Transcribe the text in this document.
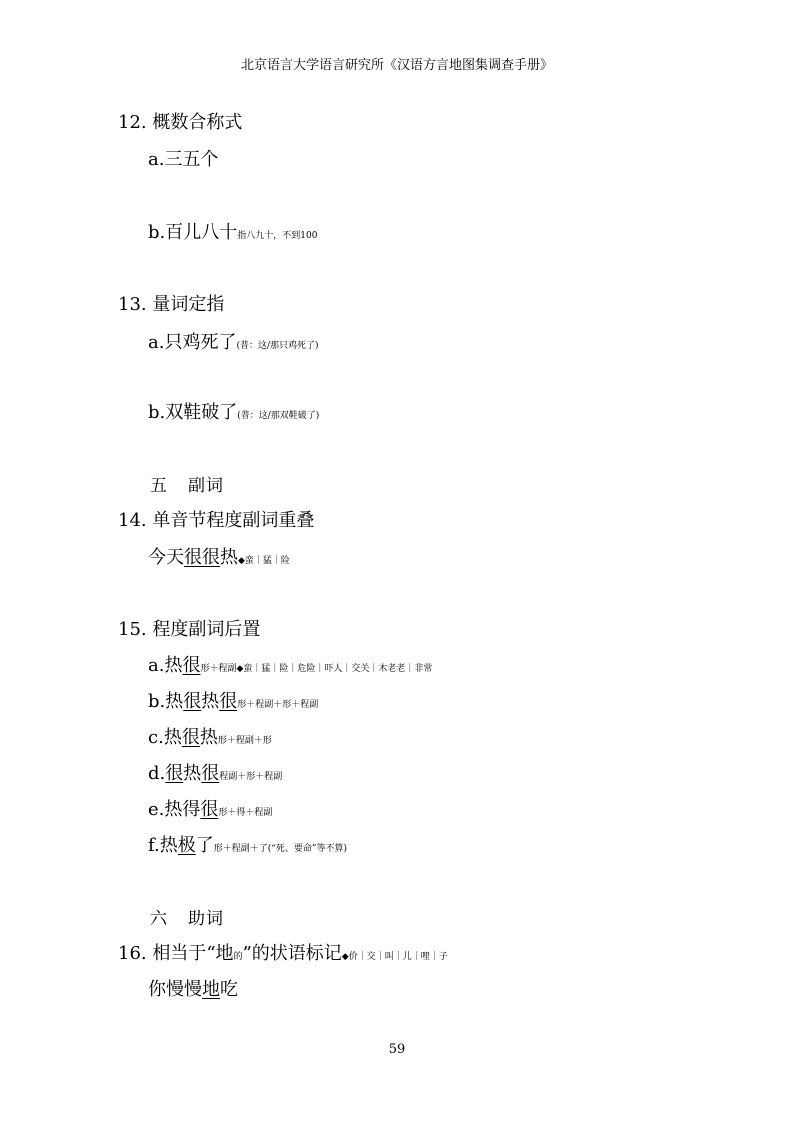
北京语言大学语言研究所《汉语方言地图集调查手册》
12. 概数合称式
a.三五个
b.百儿八十指八九十，不到100
13. 量词定指
a.只鸡死了(普：这/那只鸡死了)
b.双鞋破了(普：这/那双鞋破了)
五 副词
14. 单音节程度副词重叠
今天很很热◆蛮｜猛｜险
15. 程度副词后置
a.热很形＋程副◆蛮｜猛｜险｜危险｜吓人｜交关｜木老老｜非常
b.热很热很形＋程副＋形＋程副
c.热很热形＋程副＋形
d.很热很程副＋形＋程副
e.热得很形＋得＋程副
f.热极了形＋程副＋了(“死、要命”等不算)
六 助词
16. 相当于“地的”的状语标记◆价｜交｜叫｜儿｜哩｜子
你慢慢地吃
59
